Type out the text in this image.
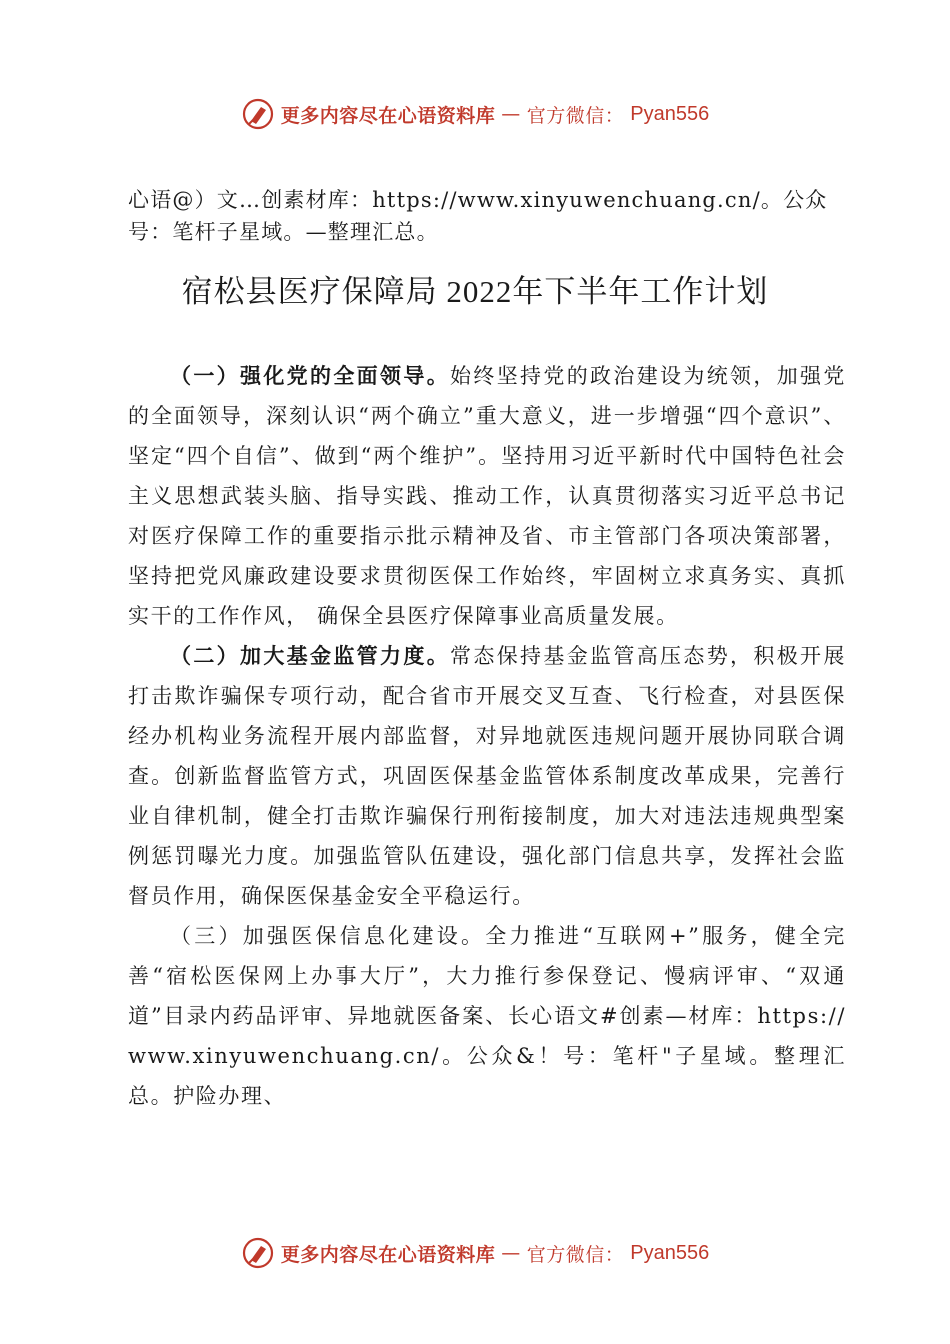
更多内容尽在心语资料库 — 官方微信： Pyan556
心语@）文…创素材库：https://www.xinyuwenchuang.cn/。公众号：笔杆子星域。—整理汇总。
宿松县医疗保障局 2022年下半年工作计划

（一）强化党的全面领导。始终坚持党的政治建设为统领，加强党的全面领导，深刻认识“两个确立”重大意义，进一步增强“四个意识”、坚定“四个自信”、做到“两个维护”。坚持用习近平新时代中国特色社会主义思想武装头脑、指导实践、推动工作，认真贯彻落实习近平总书记对医疗保障工作的重要指示批示精神及省、市主管部门各项决策部署，坚持把党风廉政建设要求贯彻医保工作始终，牢固树立求真务实、真抓实干的工作作风， 确保全县医疗保障事业高质量发展。

（二）加大基金监管力度。常态保持基金监管高压态势，积极开展打击欺诈骗保专项行动，配合省市开展交叉互查、飞行检查，对县医保经办机构业务流程开展内部监督，对异地就医违规问题开展协同联合调查。创新监督监管方式，巩固医保基金监管体系制度改革成果，完善行业自律机制，健全打击欺诈骗保行刑衔接制度，加大对违法违规典型案例惩罚曝光力度。加强监管队伍建设，强化部门信息共享，发挥社会监督员作用，确保医保基金安全平稳运行。

（三）加强医保信息化建设。全力推进“互联网+”服务，健全完善“宿松医保网上办事大厅”，大力推行参保登记、慢病评审、“双通道”目录内药品评审、异地就医备案、长心语文#创素—材库：https://www.xinyuwenchuang.cn/。公众&！号：笔杆"子星域。整理汇总。护险办理、

更多内容尽在心语资料库 — 官方微信： Pyan556
